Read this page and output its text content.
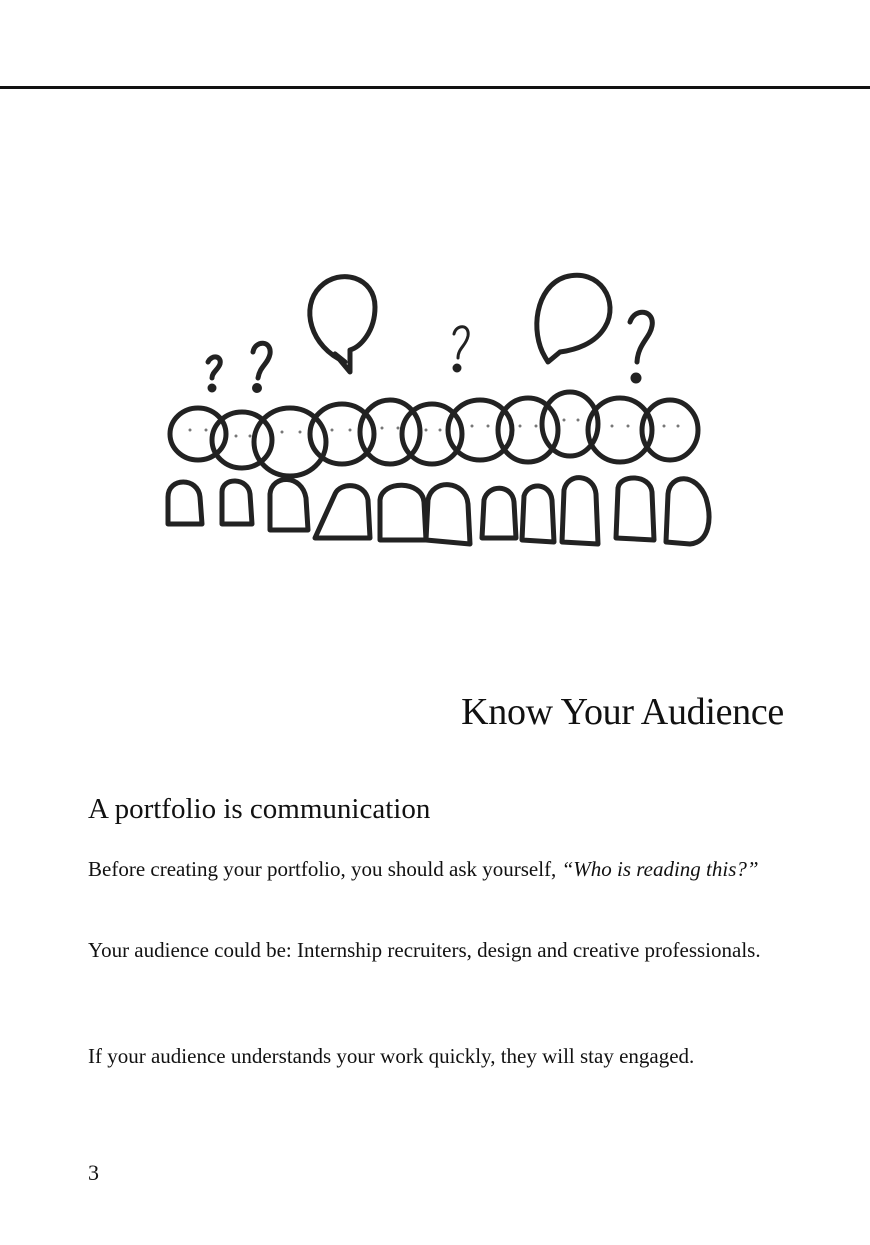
Know Your Audience
A portfolio is communication

Before creating your portfolio, you should ask yourself, “Who is reading this?”

Your audience could be: Internship recruiters, design and creative professionals.

If your audience understands your work quickly, they will stay engaged.

3
